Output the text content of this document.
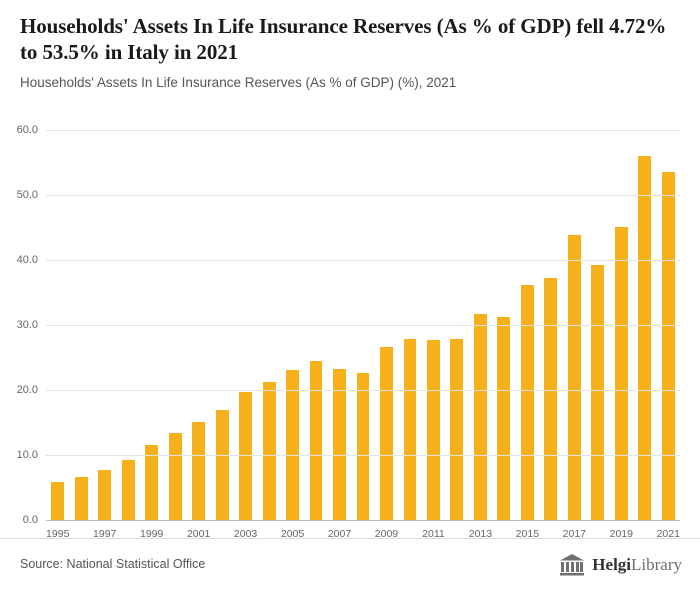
Households' Assets In Life Insurance Reserves (As % of GDP) fell 4.72% to 53.5% in Italy in 2021
Households' Assets In Life Insurance Reserves (As % of GDP) (%), 2021
0.0
10.0
20.0
30.0
40.0
50.0
60.0
1995 1997 1999 2001 2003 2005 2007 2009 2011 2013 2015 2017 2019 2021
Source: National Statistical Office	HelgiLibrary
